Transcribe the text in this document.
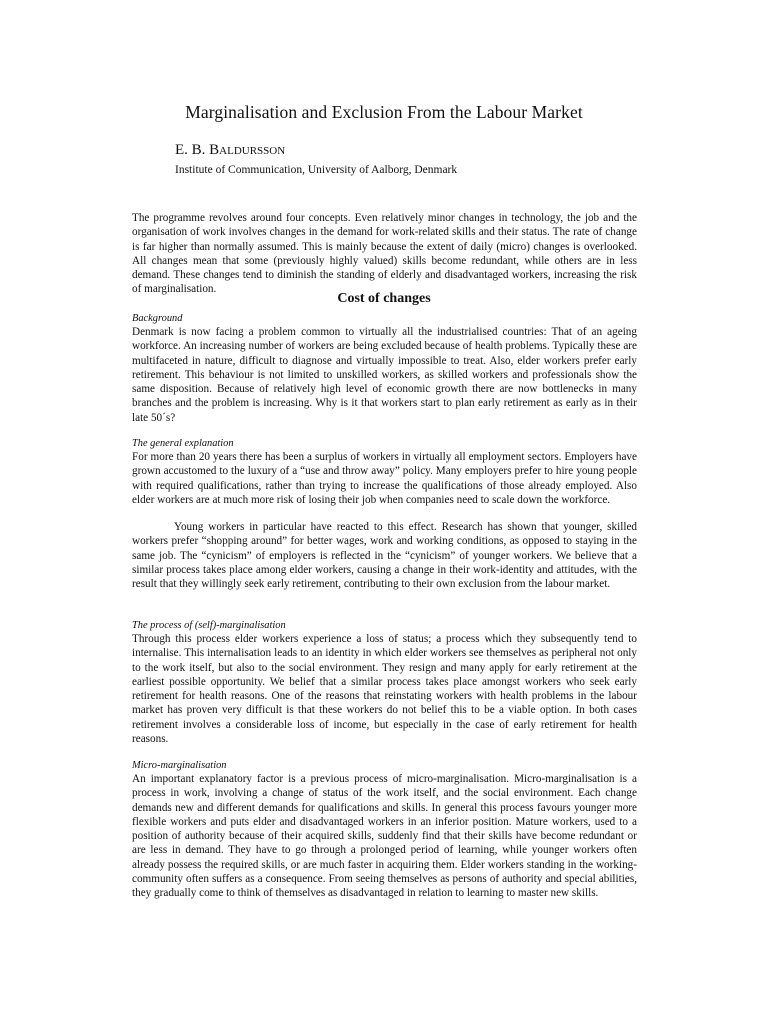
Marginalisation and Exclusion From the Labour Market
E. B. Baldursson
Institute of Communication, University of Aalborg, Denmark

The programme revolves around four concepts. Even relatively minor changes in technology, the job and the organisation of work involves changes in the demand for work-related skills and their status. The rate of change is far higher than normally assumed. This is mainly because the extent of daily (micro) changes is overlooked. All changes mean that some (previously highly valued) skills become redundant, while others are in less demand. These changes tend to diminish the standing of elderly and disadvantaged workers, increasing the risk of marginalisation.

Cost of changes
Background

Denmark is now facing a problem common to virtually all the industrialised countries: That of an ageing workforce. An increasing number of workers are being excluded because of health problems. Typically these are multifaceted in nature, difficult to diagnose and virtually impossible to treat. Also, elder workers prefer early retirement. This behaviour is not limited to unskilled workers, as skilled workers and professionals show the same disposition. Because of relatively high level of economic growth there are now bottlenecks in many branches and the problem is increasing. Why is it that workers start to plan early retirement as early as in their late 50´s?

The general explanation

For more than 20 years there has been a surplus of workers in virtually all employment sectors. Employers have grown accustomed to the luxury of a “use and throw away” policy. Many employers prefer to hire young people with required qualifications, rather than trying to increase the qualifications of those already employed. Also elder workers are at much more risk of losing their job when companies need to scale down the workforce.

Young workers in particular have reacted to this effect. Research has shown that younger, skilled workers prefer “shopping around” for better wages, work and working conditions, as opposed to staying in the same job. The “cynicism” of employers is reflected in the “cynicism” of younger workers. We believe that a similar process takes place among elder workers, causing a change in their work-identity and attitudes, with the result that they willingly seek early retirement, contributing to their own exclusion from the labour market.

The process of (self)-marginalisation

Through this process elder workers experience a loss of status; a process which they subsequently tend to internalise. This internalisation leads to an identity in which elder workers see themselves as peripheral not only to the work itself, but also to the social environment. They resign and many apply for early retirement at the earliest possible opportunity. We belief that a similar process takes place amongst workers who seek early retirement for health reasons. One of the reasons that reinstating workers with health problems in the labour market has proven very difficult is that these workers do not belief this to be a viable option. In both cases retirement involves a considerable loss of income, but especially in the case of early retirement for health reasons.

Micro-marginalisation

An important explanatory factor is a previous process of micro-marginalisation. Micro-marginalisation is a process in work, involving a change of status of the work itself, and the social environment. Each change demands new and different demands for qualifications and skills. In general this process favours younger more flexible workers and puts elder and disadvantaged workers in an inferior position. Mature workers, used to a position of authority because of their acquired skills, suddenly find that their skills have become redundant or are less in demand. They have to go through a prolonged period of learning, while younger workers often already possess the required skills, or are much faster in acquiring them. Elder workers standing in the working-community often suffers as a consequence. From seeing themselves as persons of authority and special abilities, they gradually come to think of themselves as disadvantaged in relation to learning to master new skills.
